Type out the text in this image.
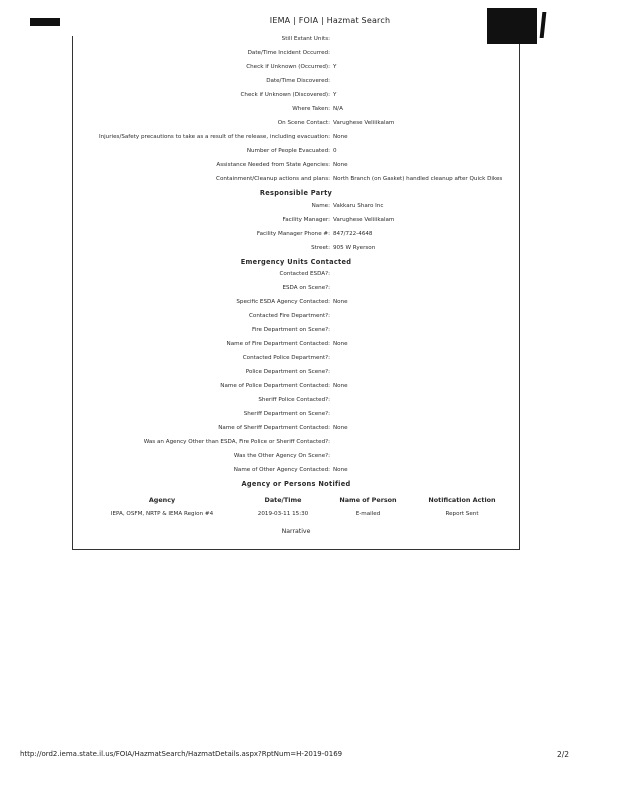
IEMA | FOIA | Hazmat Search
Still Extant Units:
Date/Time Incident Occurred:
Check if Unknown (Occurred): Y
Date/Time Discovered:
Check if Unknown (Discovered): Y
Where Taken: N/A
On Scene Contact: Varughese Veliiikalam
Injuries/Safety precautions to take as a result of the release, including evacuation: None
Number of People Evacuated: 0
Assistance Needed from State Agencies: None
Containment/Cleanup actions and plans: North Branch (on Gasket) handled cleanup after Quick Dikes
Responsible Party
Name: Vakkaru Sharo Inc
Facility Manager: Varughese Veliiikalam
Facility Manager Phone #: 847/722-4648
Street: 905 W Ryerson
Emergency Units Contacted
Contacted ESDA?:
ESDA on Scene?:
Specific ESDA Agency Contacted: None
Contacted Fire Department?:
Fire Department on Scene?:
Name of Fire Department Contacted: None
Contacted Police Department?:
Police Department on Scene?:
Name of Police Department Contacted: None
Sheriff Police Contacted?:
Sheriff Department on Scene?:
Name of Sheriff Department Contacted: None
Was an Agency Other than ESDA, Fire Police or Sheriff Contacted?:
Was the Other Agency On Scene?:
Name of Other Agency Contacted: None
Agency or Persons Notified
Agency	Date/Time	Name of Person	Notification Action
IEPA, OSFM, NRTP & IEMA Region #4	2019-03-11 15:30	E-mailed	Report Sent
Narrative
http://ord2.iema.state.il.us/FOIA/HazmatSearch/HazmatDetails.aspx?RptNum=H-2019-0169	2/2
